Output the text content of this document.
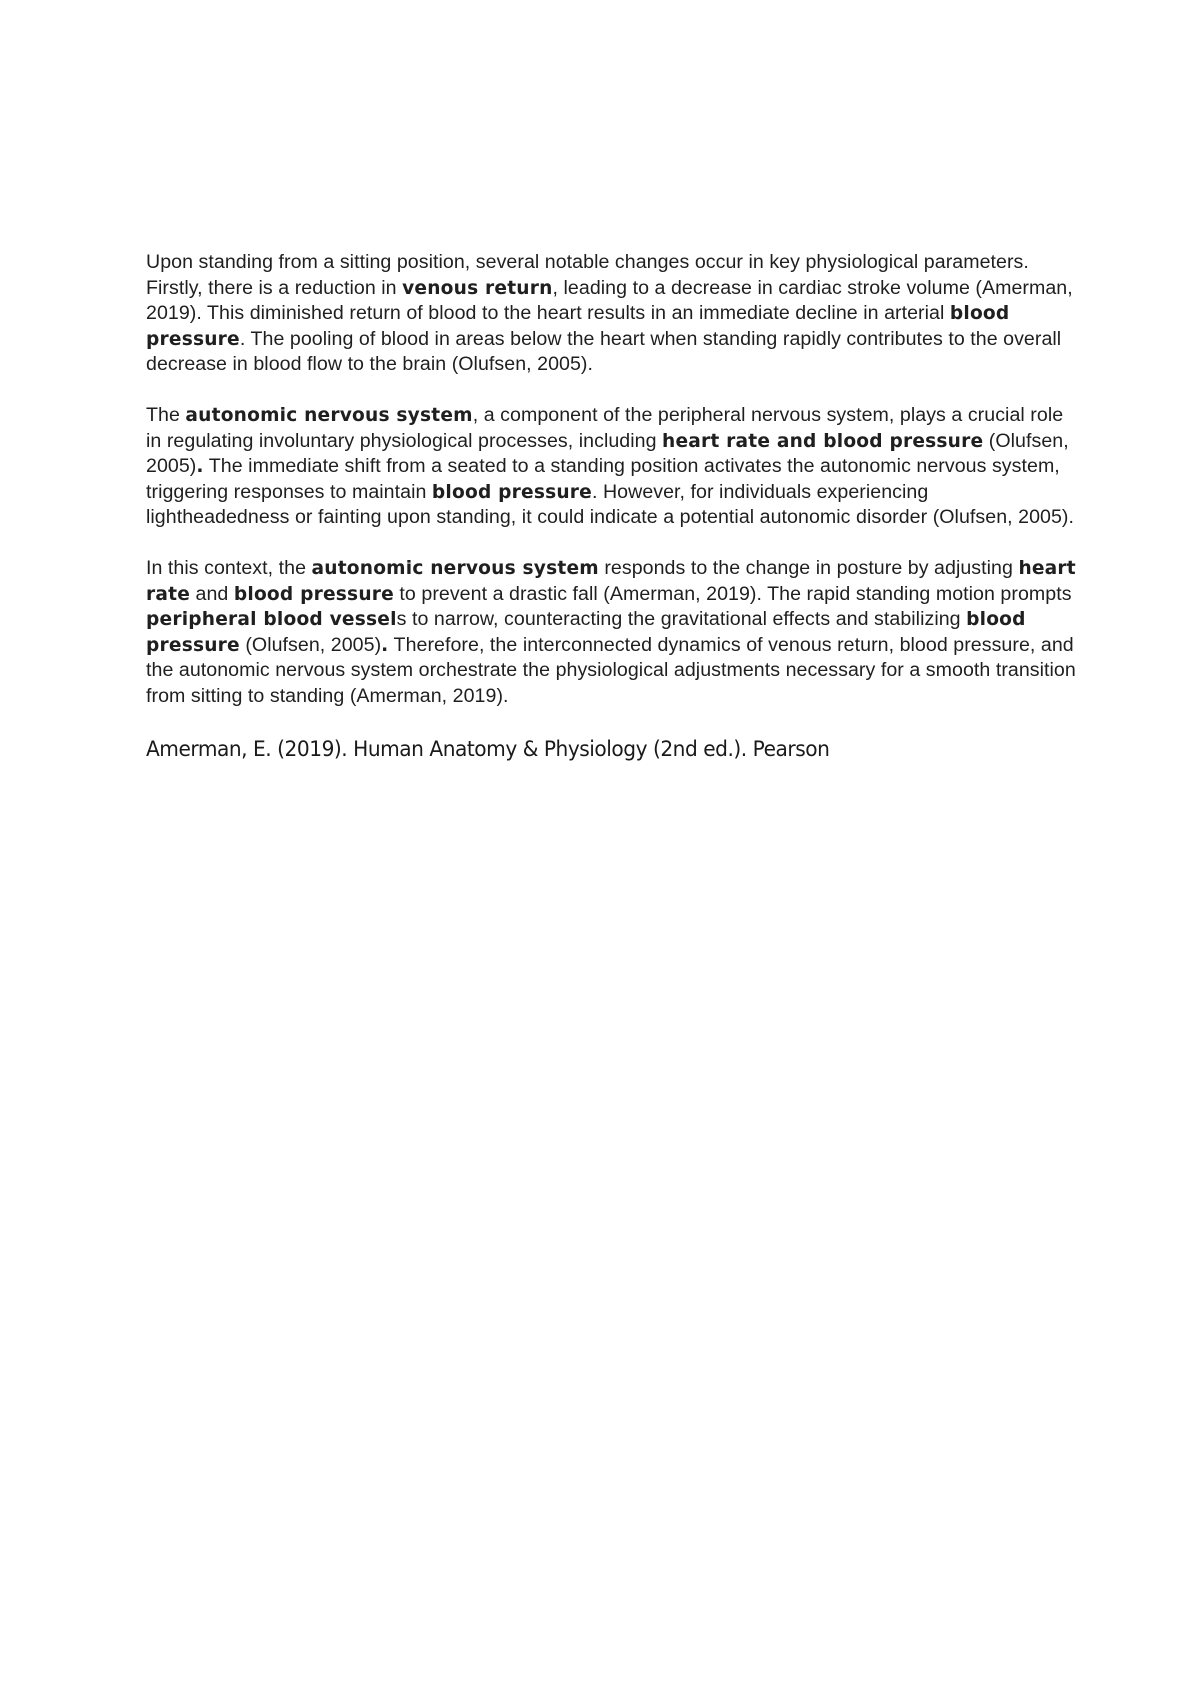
Upon standing from a sitting position, several notable changes occur in key physiological parameters. Firstly, there is a reduction in venous return, leading to a decrease in cardiac stroke volume (Amerman, 2019). This diminished return of blood to the heart results in an immediate decline in arterial blood pressure. The pooling of blood in areas below the heart when standing rapidly contributes to the overall decrease in blood flow to the brain (Olufsen, 2005).

The autonomic nervous system, a component of the peripheral nervous system, plays a crucial role in regulating involuntary physiological processes, including heart rate and blood pressure (Olufsen, 2005). The immediate shift from a seated to a standing position activates the autonomic nervous system, triggering responses to maintain blood pressure. However, for individuals experiencing lightheadedness or fainting upon standing, it could indicate a potential autonomic disorder (Olufsen, 2005).

In this context, the autonomic nervous system responds to the change in posture by adjusting heart rate and blood pressure to prevent a drastic fall (Amerman, 2019). The rapid standing motion prompts peripheral blood vessels to narrow, counteracting the gravitational effects and stabilizing blood pressure (Olufsen, 2005). Therefore, the interconnected dynamics of venous return, blood pressure, and the autonomic nervous system orchestrate the physiological adjustments necessary for a smooth transition from sitting to standing (Amerman, 2019).

Amerman, E. (2019). Human Anatomy & Physiology (2nd ed.). Pearson
